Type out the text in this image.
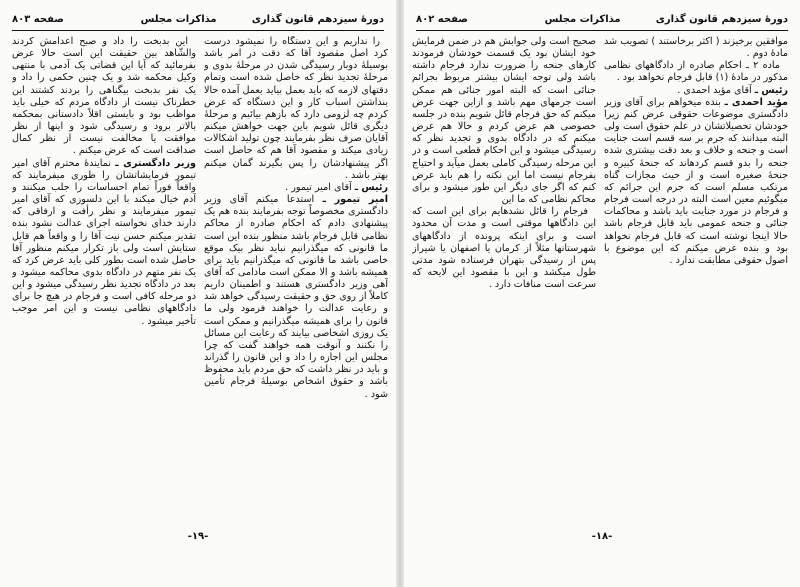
دورهٔ سیزدهم قانون گذاری
مذاکرات مجلس
صفحه ۸۰۳

را نداریم و این دستگاه را نمیشود درست کرد اصل مقصود آقا که دقت در امر باشد بوسیلهٔ دوبار رسیدگی شدن در مرحلهٔ بدوی و مرحلهٔ تجدید نظر که حاصل شده است وتمام دقتهای لازمه که باید بعمل بیاید بعمل آمده حالا بنداشتن اسباب کار و این دستگاه که عرض کردم چه لزومی دارد که بازهم بیائیم و مرحلهٔ دیگری قائل شویم باین جهت خواهش میکنم آقایان صرف نظر بفرمایند چون تولید اشکالات زیادی میکند و مقصود آقا هم که حاصل است اگر پیشنهادشان را پس بگیرند گمان میکنم بهتر باشد .

رئیس ـ آقای امیر تیمور .

امیر تیمور ـ استدعا میکنم آقای وزیر دادگستری مخصوصاً توجه بفرمایند بنده هم یک پیشنهادی دادم که احکام صادره از محاکم نظامی قابل فرجام باشد منظور بنده این است ما قانونی که میگذرانیم نباید نظر بیک موقع خاصی باشد ما قانونی که میگذرانیم باید برای همیشه باشد و الا ممکن است مادامی که آقای آهی وزیر دادگستری هستند و اطمینان داریم کاملاً از روی حق و حقیقت رسیدگی خواهد شد و رعایت عدالت را خواهند فرمود ولی ما قانون را برای همیشه میگذرانیم و ممکن است یک روزی اشخاصی بیایند که رعایت این مسائل را نکنند و آنوقت همه خواهند گفت که چرا مجلس این اجازه را داد و این قانون را گذراند و باید در نظر داشت که حق مردم باید محفوظ باشد و حقوق اشخاص بوسیلهٔ فرجام تأمین شود .

این بدبخت را داد و صبح اعدامش کردند والشّاهد بین حقیقت این است حالا عرض بفرمائید که آیا این قضاتی یک آدمی با منتهی وکیل محکمه شد و یک چنین حکمی را داد و یک نفر بدبخت بیگناهی را بردند کشتند این خطرناک نیست از دادگاه مردم که خیلی باید مواظب بود و بایستی اقلاً دادستانی بمحکمه بالاتر برود و رسیدگی شود و اینها از نظر موافقت یا مخالفت نیست از نظر کمال صداقت است که عرض میکنم .

وزیر دادگستری ـ نمایندهٔ محترم آقای امیر تیمور فرمایشاتشان را طوری میفرمایند که واقعاً فوراً تمام احساسات را جلب میکنند و آدم خیال میکند با این دلسوزی که آقای امیر تیمور میفرمایند و نظر رأفت و ارفاقی که دارند خدای نخواسته اجرای عدالت نشود بنده تقدیر میکنم حسن نیت آقا را و واقعاً هم قابل ستایش است ولی باز تکرار میکنم منظور آقا حاصل شده است بطور کلی باید عرض کرد که یک نفر متهم در دادگاه بدوی محاکمه میشود و بعد در دادگاه تجدید نظر رسیدگی میشود و این دو مرحله کافی است و فرجام در هیچ جا برای دادگاههای نظامی نیست و این امر موجب تأخیر میشود .

-۱۹-
دورهٔ سیزدهم قانون گذاری
مذاکرات مجلس
صفحه ۸۰۲

موافقین برخیزند ( اکثر برخاستند ) تصویب شد مادهٔ دوم .

ماده ۲ ـ احکام صادره از دادگاههای نظامی مذکور در مادهٔ (۱) قابل فرجام نخواهد بود .

رئیس ـ آقای مؤید احمدی .

مؤید احمدی ـ بنده میخواهم برای آقای وزیر دادگستری موضوعات حقوقی عرض کنم زیرا خودشان تحصیلاتشان در علم حقوق است ولی البته میدانند که جرم بر سه قسم است جنایت است و جنحه و خلاف و بعد دقت بیشتری شده جنحه را بدو قسم کردهاند که جنحهٔ کبیره و جنحهٔ صغیره است و از حیث مجازات گناه مرتکب مسلم است که جرم این جرائم که میگوئیم معین است البته در درجه است فرجام و فرجام در مورد جنایت باید باشد و محاکمات جنائی و جنحه عمومی باید قابل فرجام باشد حالا اینجا نوشته است که قابل فرجام نخواهد بود و بنده عرض میکنم که این موضوع با اصول حقوقی مطابقت ندارد .

صحیح است ولی جوابش هم در ضمن فرمایش خود ایشان بود یک قسمت خودشان فرمودند کارهای جنحه را ضرورت ندارد فرجام داشته باشد ولی توجه ایشان بیشتر مربوط بجرائم جنائی است که البته امور جنائی هم ممکن است جرمهای مهم باشد و ازاین جهت عرض میکنم که حق فرجام قائل شویم بنده در جلسه خصوصی هم عرض کردم و حالا هم عرض میکنم که در دادگاه بدوی و تجدید نظر که رسیدگی میشود و این احکام قطعی است و در این مرحله رسیدگی کاملی بعمل میآید و احتیاج بفرجام نیست اما این نکته را هم باید عرض کنم که اگر جای دیگر این طور میشود و برای محاکم نظامی که ما این

فرجام را قائل نشدهایم برای این است که این دادگاهها موقتی است و مدت آن محدود است و برای اینکه پرونده از دادگاههای شهرستانها مثلاً از کرمان یا اصفهان یا شیراز پس از رسیدگی بتهران فرستاده شود مدتی طول میکشد و این با مقصود این لایحه که سرعت است منافات دارد .

-۱۸-
